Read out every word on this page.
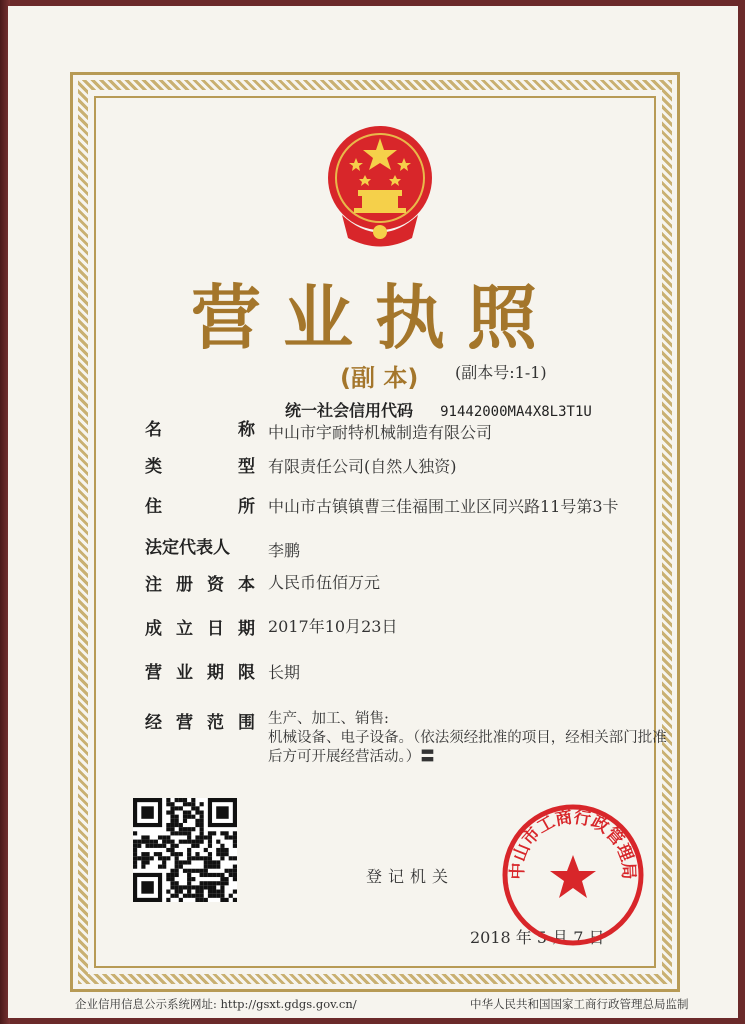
营业执照
(副 本) (副本号:1-1)
统一社会信用代码 91442000MA4X8L3T1U
名	称 中山市宇耐特机械制造有限公司
类	型 有限责任公司(自然人独资)
住	所 中山市古镇镇曹三佳福围工业区同兴路11号第3卡
法定代表人 李鹏
注 册 资 本 人民币伍佰万元
成 立 日 期 2017年10月23日
营 业 期 限 长期
经 营 范 围 生产、加工、销售:
机械设备、电子设备。（依法须经批准的项目，经相关部门批准
后方可开展经营活动。）〓
登记机关
2018 年 5 月 7 日
中山市工商行政管理局
企业信用信息公示系统网址: http://gsxt.gdgs.gov.cn/	中华人民共和国国家工商行政管理总局监制
